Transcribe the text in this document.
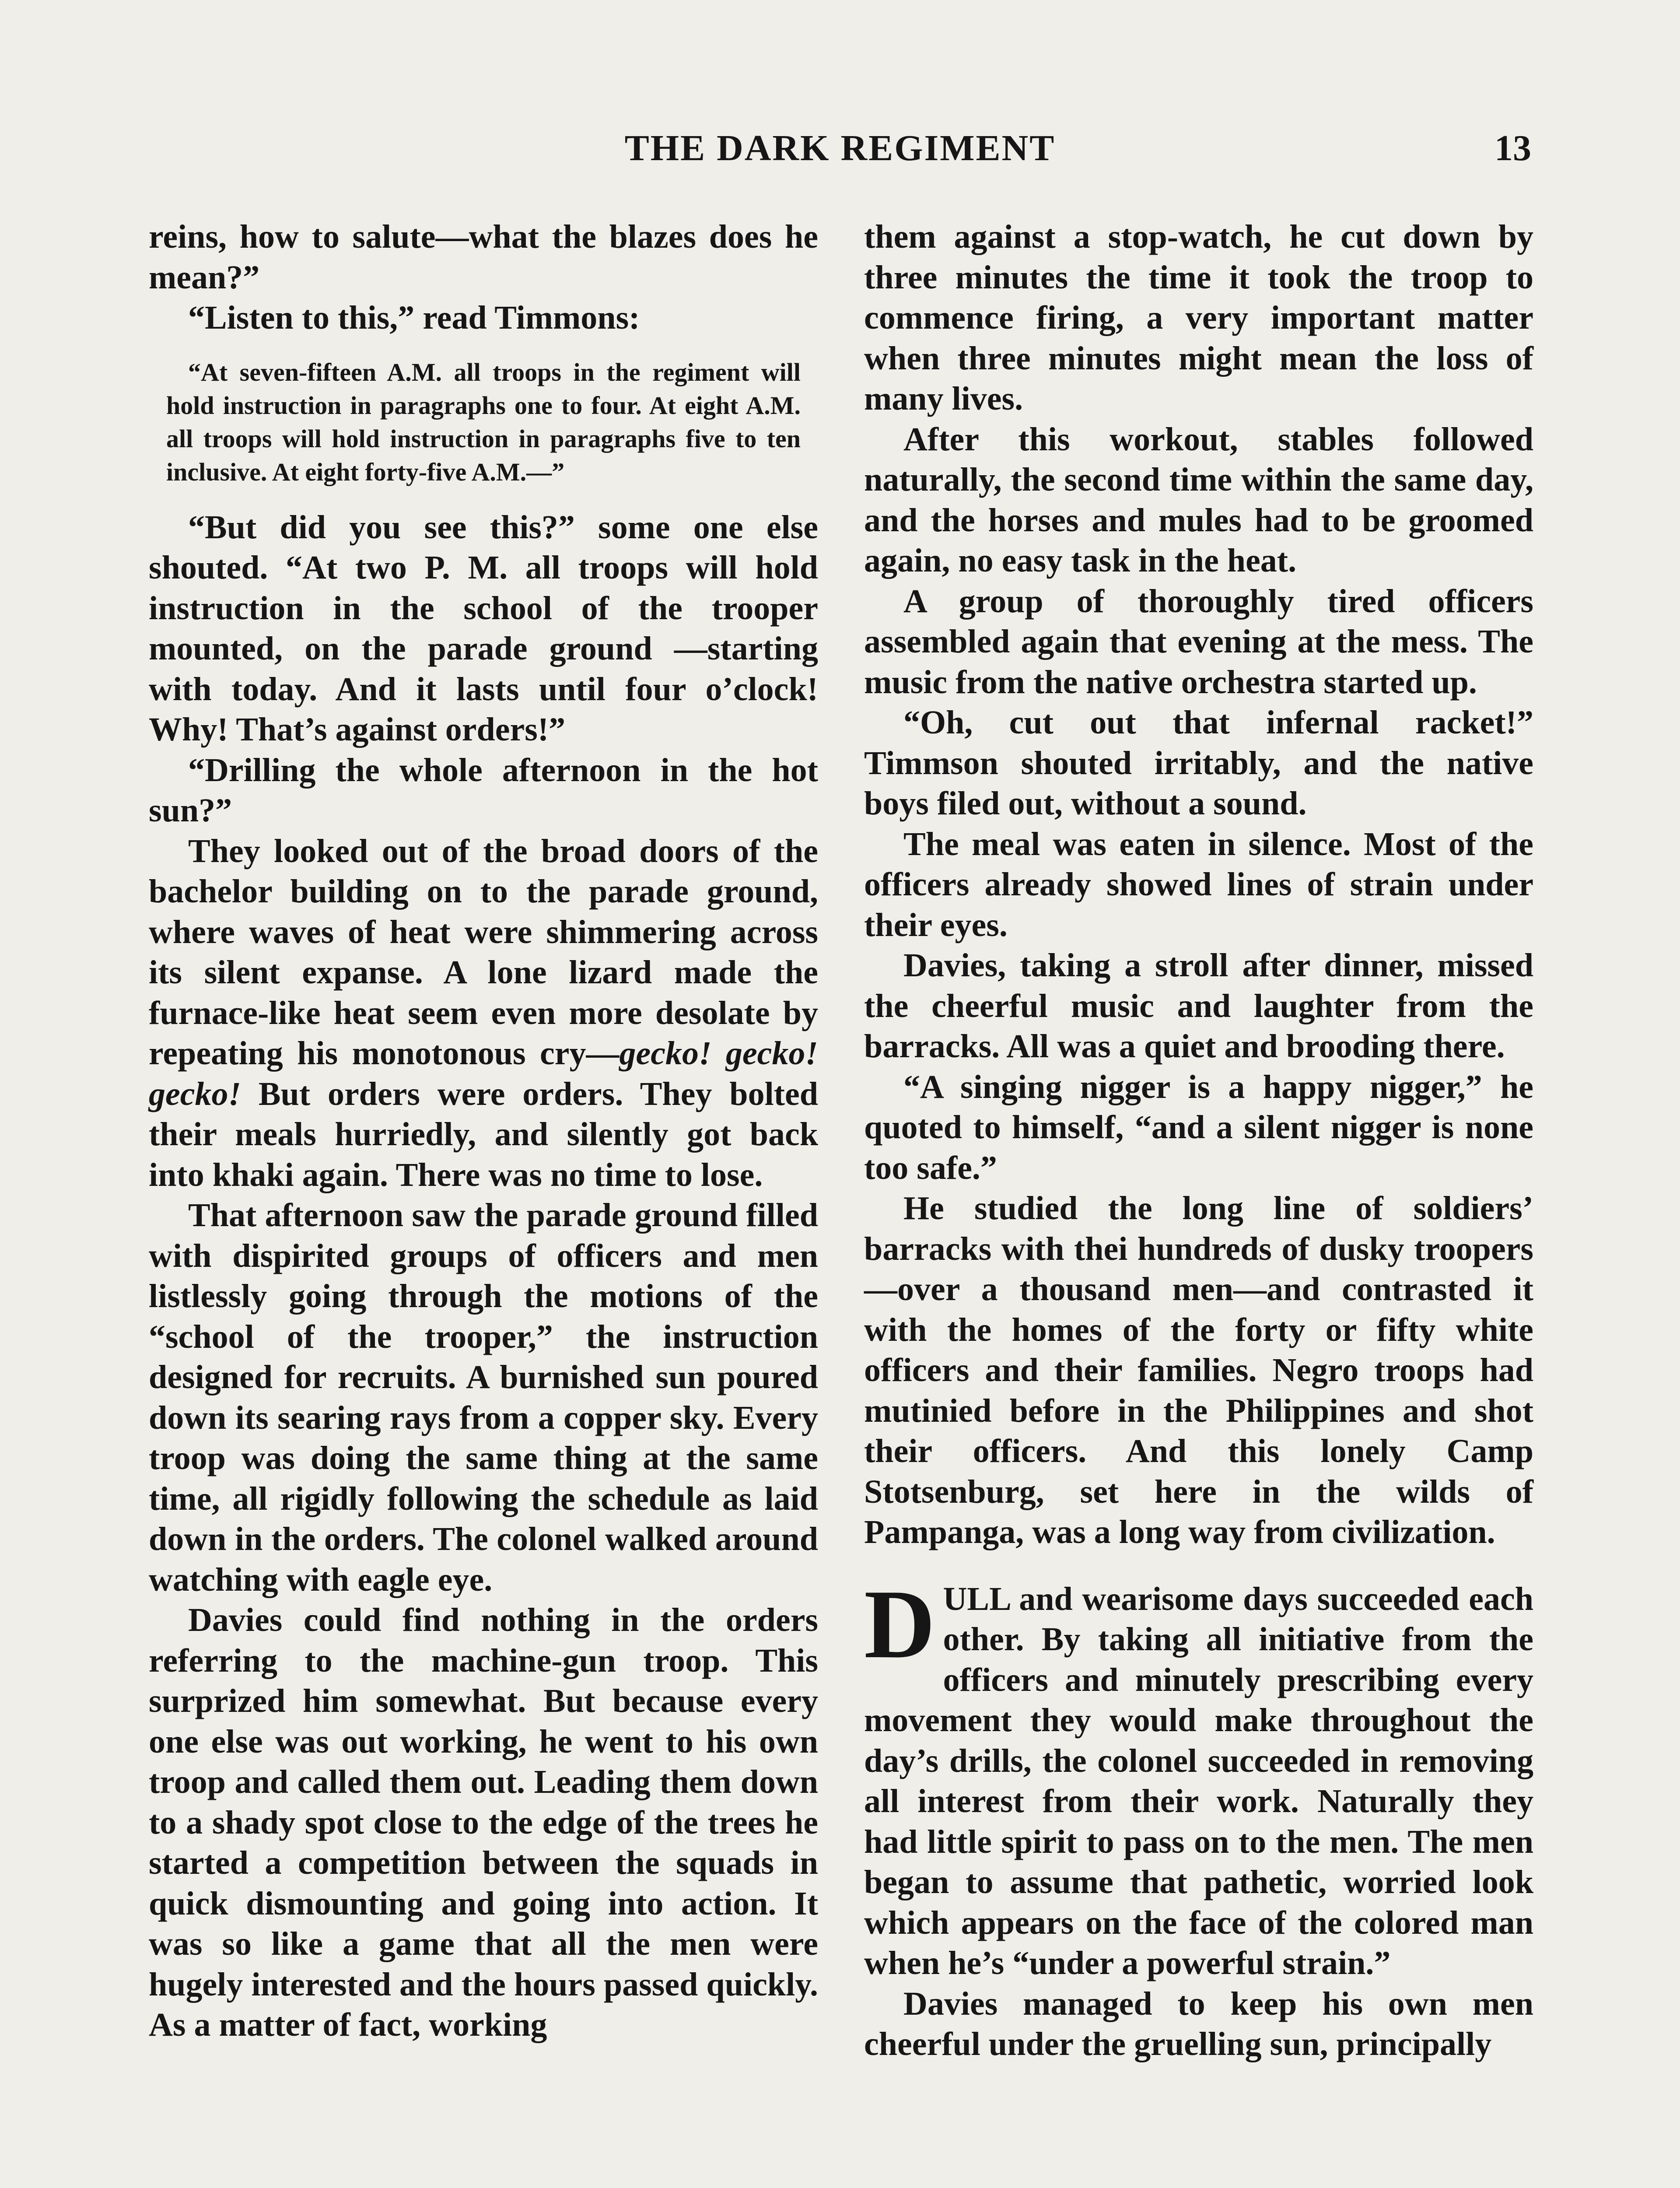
THE DARK REGIMENT	13

reins, how to salute—what the blazes does he mean?”

“Listen to this,” read Timmons:

“At seven-fifteen A.M. all troops in the regiment will hold instruction in paragraphs one to four. At eight A.M. all troops will hold instruction in paragraphs five to ten inclusive. At eight forty-five A.M.—”

“But did you see this?” some one else shouted. “At two P. M. all troops will hold instruction in the school of the trooper mounted, on the parade ground —starting with today. And it lasts until four o’clock! Why! That’s against orders!”

“Drilling the whole afternoon in the hot sun?”

They looked out of the broad doors of the bachelor building on to the parade ground, where waves of heat were shimmering across its silent expanse. A lone lizard made the furnace-like heat seem even more desolate by repeating his monotonous cry—gecko! gecko! gecko! But orders were orders. They bolted their meals hurriedly, and silently got back into khaki again. There was no time to lose.

That afternoon saw the parade ground filled with dispirited groups of officers and men listlessly going through the motions of the “school of the trooper,” the instruction designed for recruits. A burnished sun poured down its searing rays from a copper sky. Every troop was doing the same thing at the same time, all rigidly following the schedule as laid down in the orders. The colonel walked around watching with eagle eye.

Davies could find nothing in the orders referring to the machine-gun troop. This surprized him somewhat. But because every one else was out working, he went to his own troop and called them out. Leading them down to a shady spot close to the edge of the trees he started a competition between the squads in quick dismounting and going into action. It was so like a game that all the men were hugely interested and the hours passed quickly. As a matter of fact, working

them against a stop-watch, he cut down by three minutes the time it took the troop to commence firing, a very important matter when three minutes might mean the loss of many lives.

After this workout, stables followed naturally, the second time within the same day, and the horses and mules had to be groomed again, no easy task in the heat.

A group of thoroughly tired officers assembled again that evening at the mess. The music from the native orchestra started up.

“Oh, cut out that infernal racket!” Timmson shouted irritably, and the native boys filed out, without a sound.

The meal was eaten in silence. Most of the officers already showed lines of strain under their eyes.

Davies, taking a stroll after dinner, missed the cheerful music and laughter from the barracks. All was a quiet and brooding there.

“A singing nigger is a happy nigger,” he quoted to himself, “and a silent nigger is none too safe.”

He studied the long line of soldiers’ barracks with thei hundreds of dusky troopers—over a thousand men—and contrasted it with the homes of the forty or fifty white officers and their families. Negro troops had mutinied before in the Philippines and shot their officers. And this lonely Camp Stotsenburg, set here in the wilds of Pampanga, was a long way from civilization.

D ULL and wearisome days succeeded each other. By taking all initiative from the officers and minutely prescribing every movement they would make throughout the day’s drills, the colonel succeeded in removing all interest from their work. Naturally they had little spirit to pass on to the men. The men began to assume that pathetic, worried look which appears on the face of the colored man when he’s “under a powerful strain.”

Davies managed to keep his own men cheerful under the gruelling sun, principally
